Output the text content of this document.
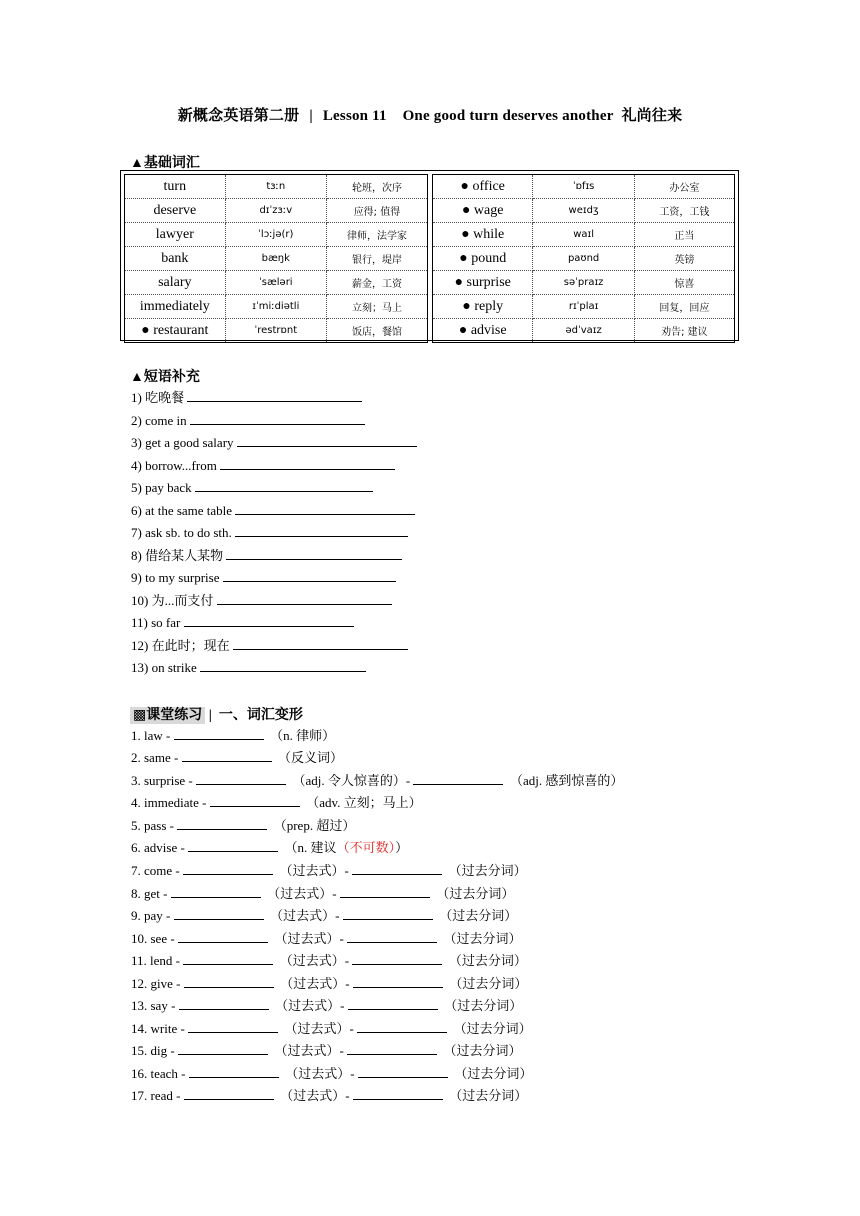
新概念英语第二册 | Lesson 11 One good turn deserves another 礼尚往来
▲基础词汇
turn	tɜːn	轮班，次序
deserve	dɪˈzɜːv	应得; 值得
lawyer	ˈlɔːjə(r)	律师，法学家
bank	bæŋk	银行，堤岸
salary	ˈsæləri	薪金，工资
immediately	ɪˈmiːdiətli	立刻；马上
● restaurant	ˈrestrɒnt	饭店，餐馆
● office	ˈɒfɪs	办公室
● wage	weɪdʒ	工资，工钱
● while	waɪl	正当
● pound	paʊnd	英镑
● surprise	səˈpraɪz	惊喜
● reply	rɪˈplaɪ	回复，回应
● advise	ədˈvaɪz	劝告; 建议
▲短语补充
1) 吃晚餐
2) come in
3) get a good salary
4) borrow...from
5) pay back
6) at the same table
7) ask sb. to do sth.
8) 借给某人某物
9) to my surprise
10) 为...而支付
11) so far
12) 在此时；现在
13) on strike
▩课堂练习 | 一、词汇变形
1. law -	（n. 律师）
2. same -	（反义词）
3. surprise -	（adj. 令人惊喜的）-	（adj. 感到惊喜的）
4. immediate -	（adv. 立刻；马上）
5. pass -	（prep. 超过）
6. advise -	（n. 建议（不可数））
7. come -	（过去式）-	（过去分词）
8. get -	（过去式）-	（过去分词）
9. pay -	（过去式）-	（过去分词）
10. see -	（过去式）-	（过去分词）
11. lend -	（过去式）-	（过去分词）
12. give -	（过去式）-	（过去分词）
13. say -	（过去式）-	（过去分词）
14. write -	（过去式）-	（过去分词）
15. dig -	（过去式）-	（过去分词）
16. teach -	（过去式）-	（过去分词）
17. read -	（过去式）-	（过去分词）
